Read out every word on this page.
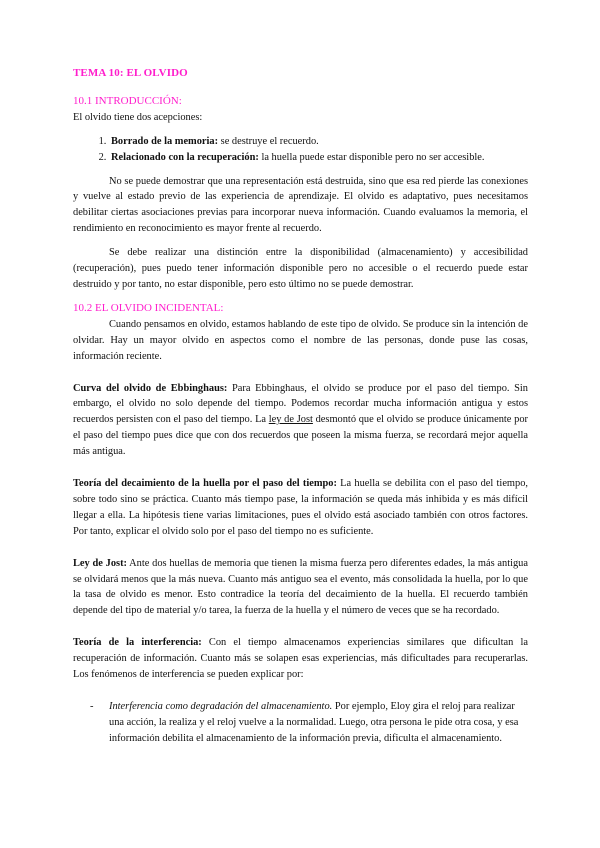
TEMA 10: EL OLVIDO
10.1 INTRODUCCIÓN:

El olvido tiene dos acepciones:

1. Borrado de la memoria: se destruye el recuerdo.
2. Relacionado con la recuperación: la huella puede estar disponible pero no ser accesible.

No se puede demostrar que una representación está destruida, sino que esa red pierde las conexiones y vuelve al estado previo de las experiencia de aprendizaje. El olvido es adaptativo, pues necesitamos debilitar ciertas asociaciones previas para incorporar nueva información. Cuando evaluamos la memoria, el rendimiento en reconocimiento es mayor frente al recuerdo.

Se debe realizar una distinción entre la disponibilidad (almacenamiento) y accesibilidad (recuperación), pues puedo tener información disponible pero no accesible o el recuerdo puede estar destruido y por tanto, no estar disponible, pero esto último no se puede demostrar.

10.2 EL OLVIDO INCIDENTAL:

Cuando pensamos en olvido, estamos hablando de este tipo de olvido. Se produce sin la intención de olvidar. Hay un mayor olvido en aspectos como el nombre de las personas, donde puse las cosas, información reciente.

Curva del olvido de Ebbinghaus: Para Ebbinghaus, el olvido se produce por el paso del tiempo. Sin embargo, el olvido no solo depende del tiempo. Podemos recordar mucha información antigua y estos recuerdos persisten con el paso del tiempo. La ley de Jost desmontó que el olvido se produce únicamente por el paso del tiempo pues dice que con dos recuerdos que poseen la misma fuerza, se recordará mejor aquella más antigua.

Teoría del decaimiento de la huella por el paso del tiempo: La huella se debilita con el paso del tiempo, sobre todo sino se práctica. Cuanto más tiempo pase, la información se queda más inhibida y es más difícil llegar a ella. La hipótesis tiene varias limitaciones, pues el olvido está asociado también con otros factores. Por tanto, explicar el olvido solo por el paso del tiempo no es suficiente.

Ley de Jost: Ante dos huellas de memoria que tienen la misma fuerza pero diferentes edades, la más antigua se olvidará menos que la más nueva. Cuanto más antiguo sea el evento, más consolidada la huella, por lo que la tasa de olvido es menor. Esto contradice la teoría del decaimiento de la huella. El recuerdo también depende del tipo de material y/o tarea, la fuerza de la huella y el número de veces que se ha recordado.

Teoría de la interferencia: Con el tiempo almacenamos experiencias similares que dificultan la recuperación de información. Cuanto más se solapen esas experiencias, más dificultades para recuperarlas. Los fenómenos de interferencia se pueden explicar por:

- Interferencia como degradación del almacenamiento. Por ejemplo, Eloy gira el reloj para realizar una acción, la realiza y el reloj vuelve a la normalidad. Luego, otra persona le pide otra cosa, y esa información debilita el almacenamiento de la información previa, dificulta el almacenamiento.
